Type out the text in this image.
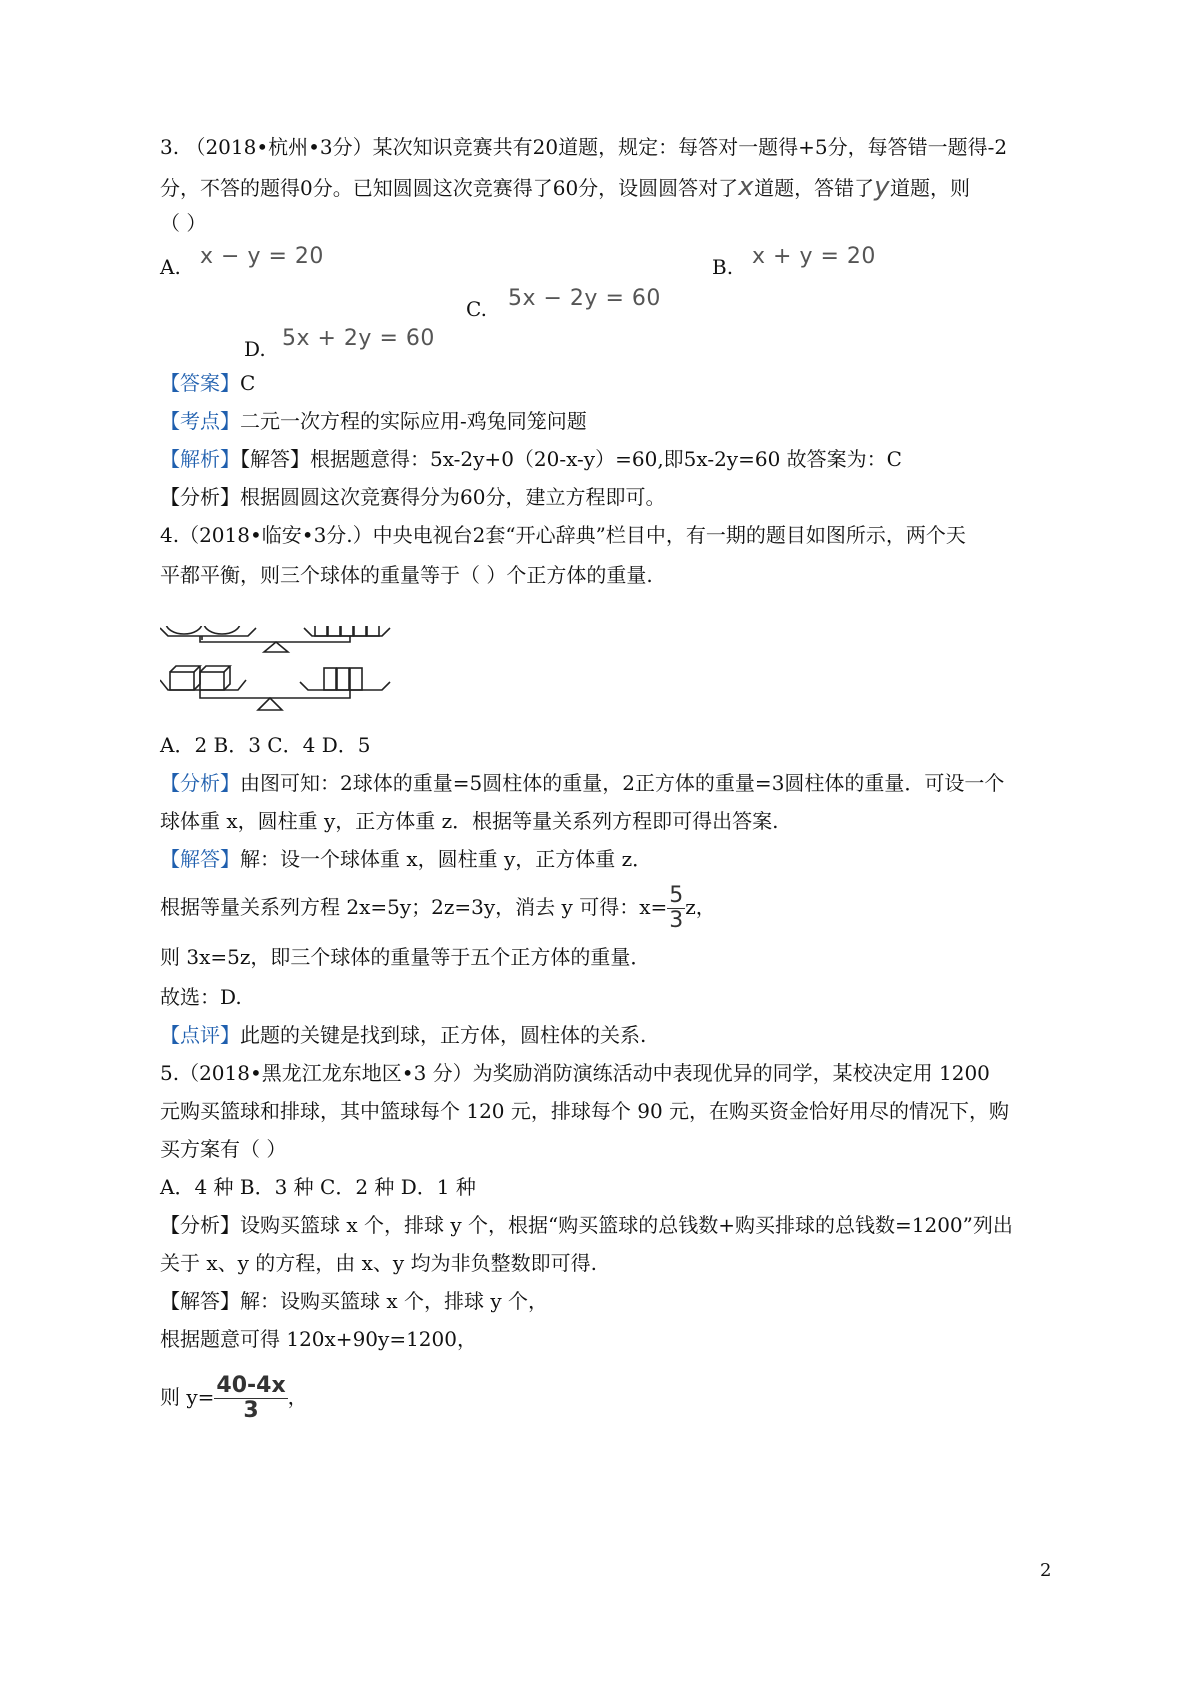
3. （2018•杭州•3分）某次知识竞赛共有20道题，规定：每答对一题得+5分，每答错一题得-2
分，不答的题得0分。已知圆圆这次竞赛得了60分，设圆圆答对了x道题，答错了y道题，则
（ ）
A. x − y = 20	B. x + y = 20
C. 5x − 2y = 60
D. 5x + 2y = 60
【答案】C
【考点】二元一次方程的实际应用-鸡兔同笼问题
【解析】【解答】根据题意得：5x-2y+0（20-x-y）=60,即5x-2y=60 故答案为：C
【分析】根据圆圆这次竞赛得分为60分，建立方程即可。
4.（2018•临安•3分.）中央电视台2套“开心辞典”栏目中，有一期的题目如图所示，两个天
平都平衡，则三个球体的重量等于（ ）个正方体的重量.
A．2 B．3 C．4 D．5
【分析】由图可知：2球体的重量=5圆柱体的重量，2正方体的重量=3圆柱体的重量．可设一个
球体重 x，圆柱重 y，正方体重 z．根据等量关系列方程即可得出答案.
【解答】解：设一个球体重 x，圆柱重 y，正方体重 z．
根据等量关系列方程 2x=5y；2z=3y，消去 y 可得：$x= \frac{5}{3}$ z，
则 3x=5z，即三个球体的重量等于五个正方体的重量．
故选：D.
【点评】此题的关键是找到球，正方体，圆柱体的关系.
5.（2018•黑龙江龙东地区•3 分）为奖励消防演练活动中表现优异的同学，某校决定用 1200
元购买篮球和排球，其中篮球每个 120 元，排球每个 90 元，在购买资金恰好用尽的情况下，购
买方案有（ ）
A．4 种 B．3 种 C．2 种 D．1 种
【分析】设购买篮球 x 个，排球 y 个，根据“购买篮球的总钱数+购买排球的总钱数=1200”列出
关于 x、y 的方程，由 x、y 均为非负整数即可得.
【解答】解：设购买篮球 x 个，排球 y 个，
根据题意可得 120x+90y=1200，
则 $y= \frac{40-4x}{3}$ ，
2
